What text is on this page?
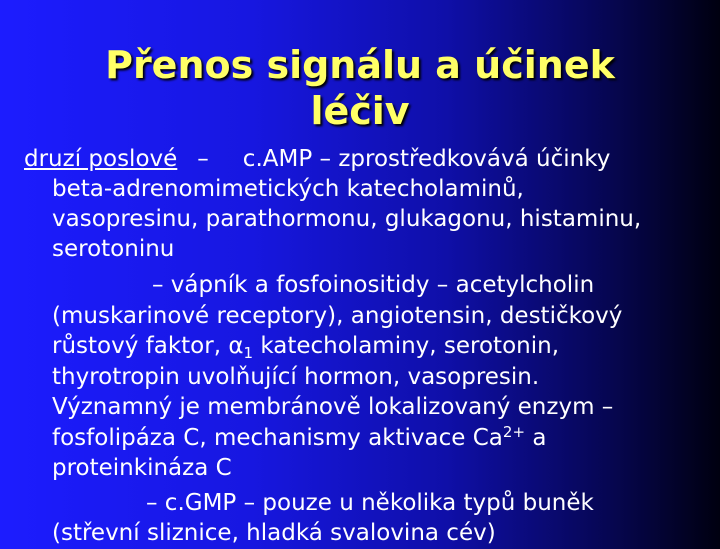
Přenos signálu a účinek léčiv
druzí poslové – c.AMP – zprostředkovává účinky
beta-adrenomimetických katecholaminů,
vasopresinu, parathormonu, glukagonu, histaminu,
serotoninu
– vápník a fosfoinositidy – acetylcholin
(muskarinové receptory), angiotensin, destičkový
růstový faktor, $\alpha_1$ katecholaminy, serotonin,
thyrotropin uvolňující hormon, vasopresin.
Významný je membránově lokalizovaný enzym –
fosfolipáza C, mechanismy aktivace $Ca^{2+}$ a
proteinkináza C
– c.GMP – pouze u několika typů buněk
(střevní sliznice, hladká svalovina cév)
